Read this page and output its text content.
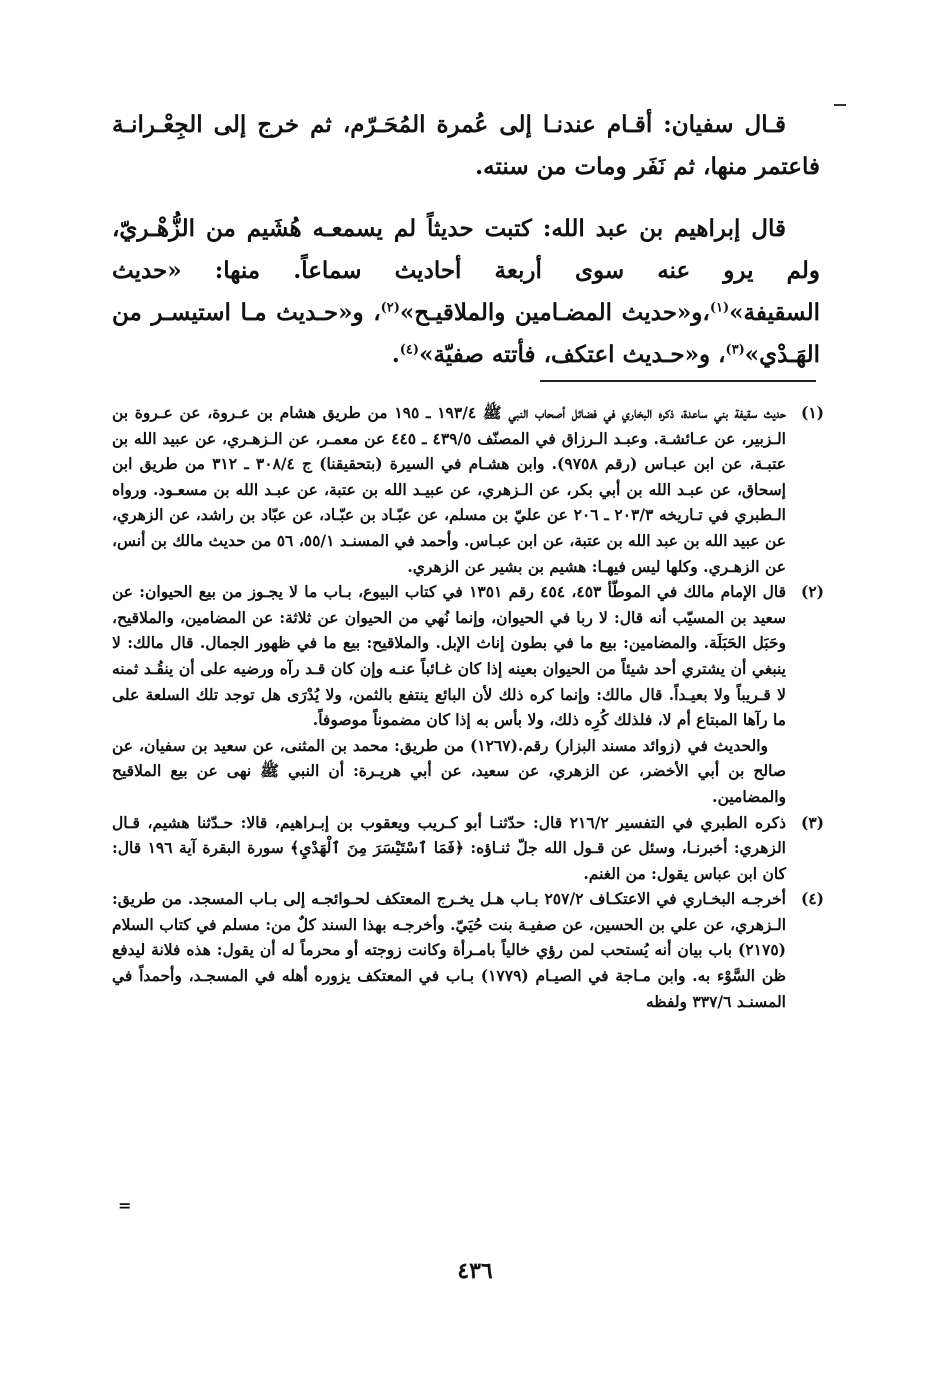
قـال سفيان: أقـام عندنـا إلى عُمرة المُحَـرّم، ثم خرج إلى الجِعْـرانـة فاعتمر منها، ثم نَفَر ومات من سنته.

قال إبراهيم بن عبد الله: كتبت حديثاً لم يسمعـه هُشَيم من الزُّهْـريّ، ولم يرو عنه سوى أربعة أحاديث سماعاً. منها: «حديث السقيفة»$^{(١)}$،و«حديث المضـامين والملاقيـح»$^{(٢)}$، و«حـديث مـا استيسـر من الهَـدْي»$^{(٣)}$، و«حـديث اعتكف، فأتته صفيّة»$^{(٤)}$.

(١)
حديث سقيفة بني ساعدة، ذكره البخاري في فضائل أصحاب النبي ﷺ ١٩٣/٤ ـ ١٩٥ من طريق هشام بن عـروة، عن عـروة بن الـزبير، عن عـائشـة. وعبـد الـرزاق في المصنّف ٤٣٩/٥ ـ ٤٤٥ عن معمـر، عن الـزهـري، عن عبيد الله بن عتبـة، عن ابن عبـاس (رقم ٩٧٥٨). وابن هشـام في السيرة (بتحقيقنا) ج ٣٠٨/٤ ـ ٣١٢ من طريق ابن إسحاق، عن عبـد الله بن أبي بكر، عن الـزهري، عن عبيـد الله بن عتبة، عن عبـد الله بن مسعـود. ورواه الـطبري في تـاريخه ٢٠٣/٣ ـ ٢٠٦ عن عليّ بن مسلم، عن عبّـاد بن عبّـاد، عن عبّاد بن راشد، عن الزهري، عن عبيد الله بن عبد الله بن عتبة، عن ابن عبـاس. وأحمد في المسنـد ٥٥/١، ٥٦ من حديث مالك بن أنس، عن الزهـري. وكلها ليس فيهـا: هشيم بن بشير عن الزهري.
(٢)
قال الإمام مالك في الموطّأ ٤٥٣، ٤٥٤ رقم ١٣٥١ في كتاب البيوع، بـاب ما لا يجـوز من بيع الحيوان: عن سعيد بن المسيّب أنه قال: لا ربا في الحيوان، وإنما نُهي من الحيوان عن ثلاثة: عن المضامين، والملاقيح، وحَبَل الحَبَلَة. والمضامين: بيع ما في بطون إناث الإبل. والملاقيح: بيع ما في ظهور الجمال. قال مالك: لا ينبغي أن يشتري أحد شيئاً من الحيوان بعينه إذا كان غـائباً عنـه وإن كان قـد رآه ورضيه على أن ينقُـد ثمنه لا قـريباً ولا بعيـداً. قال مالك: وإنما كره ذلك لأن البائع ينتفع بالثمن، ولا يُدْرَى هل توجد تلك السلعة على ما رآها المبتاع أم لا، فلذلك كُرِه ذلك، ولا بأس به إذا كان مضموناً موصوفاً.
والحديث في (زوائد مسند البزار) رقم.(١٢٦٧) من طريق: محمد بن المثنى، عن سعيد بن سفيان، عن صالح بن أبي الأخضر، عن الزهري، عن سعيد، عن أبي هريـرة: أن النبي ﷺ نهى عن بيع الملاقيح والمضامين.
(٣)
ذكره الطبري في التفسير ٢١٦/٢ قال: حدّثنـا أبو كـريب ويعقوب بن إبـراهيم، قالا: حـدّثنا هشيم، قـال الزهري: أخبرنـا، وسئل عن قـول الله جلّ ثنـاؤه: ﴿فَمَا ٱسْتَيْسَرَ مِنَ ٱلْهَدْيِ﴾ سورة البقرة آية ١٩٦ قال: كان ابن عباس يقول: من الغنم.
(٤)
أخرجـه البخـاري في الاعتكـاف ٢٥٧/٢ بـاب هـل يخـرج المعتكف لحـوائجـه إلى بـاب المسجد. من طريق: الـزهري، عن علي بن الحسين، عن صفيـة بنت حُيَيّ. وأخرجـه بهذا السند كلٌ من: مسلم في كتاب السلام (٢١٧٥) باب بيان أنه يُستحب لمن رؤي خالياً بامـرأة وكانت زوجته أو محرماً له أن يقول: هذه فلانة ليدفع ظن السَّوْء به. وابن مـاجة في الصيـام (١٧٧٩) بـاب في المعتكف يزوره أهله في المسجـد، وأحمداً في المسنـد ٣٣٧/٦ ولفظه
=
٤٣٦
